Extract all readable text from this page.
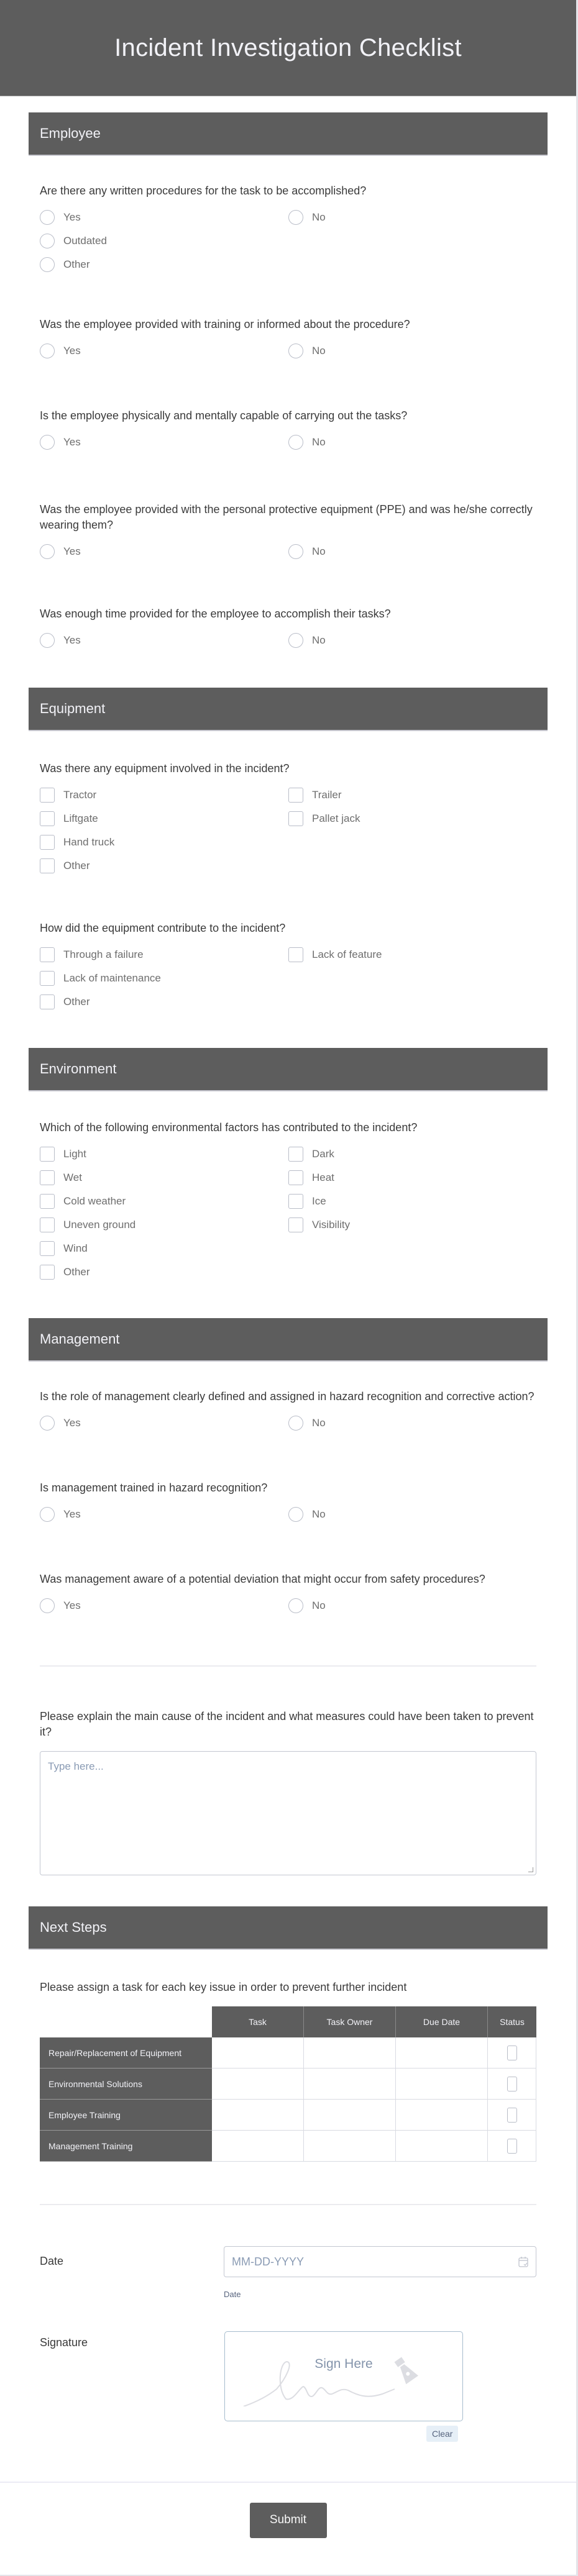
Incident Investigation Checklist
Employee
Are there any written procedures for the task to be accomplished?
Yes	No
Outdated
Other
Was the employee provided with training or informed about the procedure?
Yes	No
Is the employee physically and mentally capable of carrying out the tasks?
Yes	No
Was the employee provided with the personal protective equipment (PPE) and was he/she correctly wearing them?
Yes	No
Was enough time provided for the employee to accomplish their tasks?
Yes	No
Equipment
Was there any equipment involved in the incident?
Tractor	Trailer
Liftgate	Pallet jack
Hand truck
Other
How did the equipment contribute to the incident?
Through a failure	Lack of feature
Lack of maintenance
Other
Environment
Which of the following environmental factors has contributed to the incident?
Light	Dark
Wet	Heat
Cold weather	Ice
Uneven ground	Visibility
Wind
Other
Management
Is the role of management clearly defined and assigned in hazard recognition and corrective action?
Yes	No
Is management trained in hazard recognition?
Yes	No
Was management aware of a potential deviation that might occur from safety procedures?
Yes	No
Please explain the main cause of the incident and what measures could have been taken to prevent it?
Type here...
Next Steps
Please assign a task for each key issue in order to prevent further incident
	Task	Task Owner	Due Date	Status
Repair/Replacement of Equipment				
Environmental Solutions				
Employee Training				
Management Training				
Date	MM-DD-YYYY
Date
Signature
Sign Here
Clear
Submit
